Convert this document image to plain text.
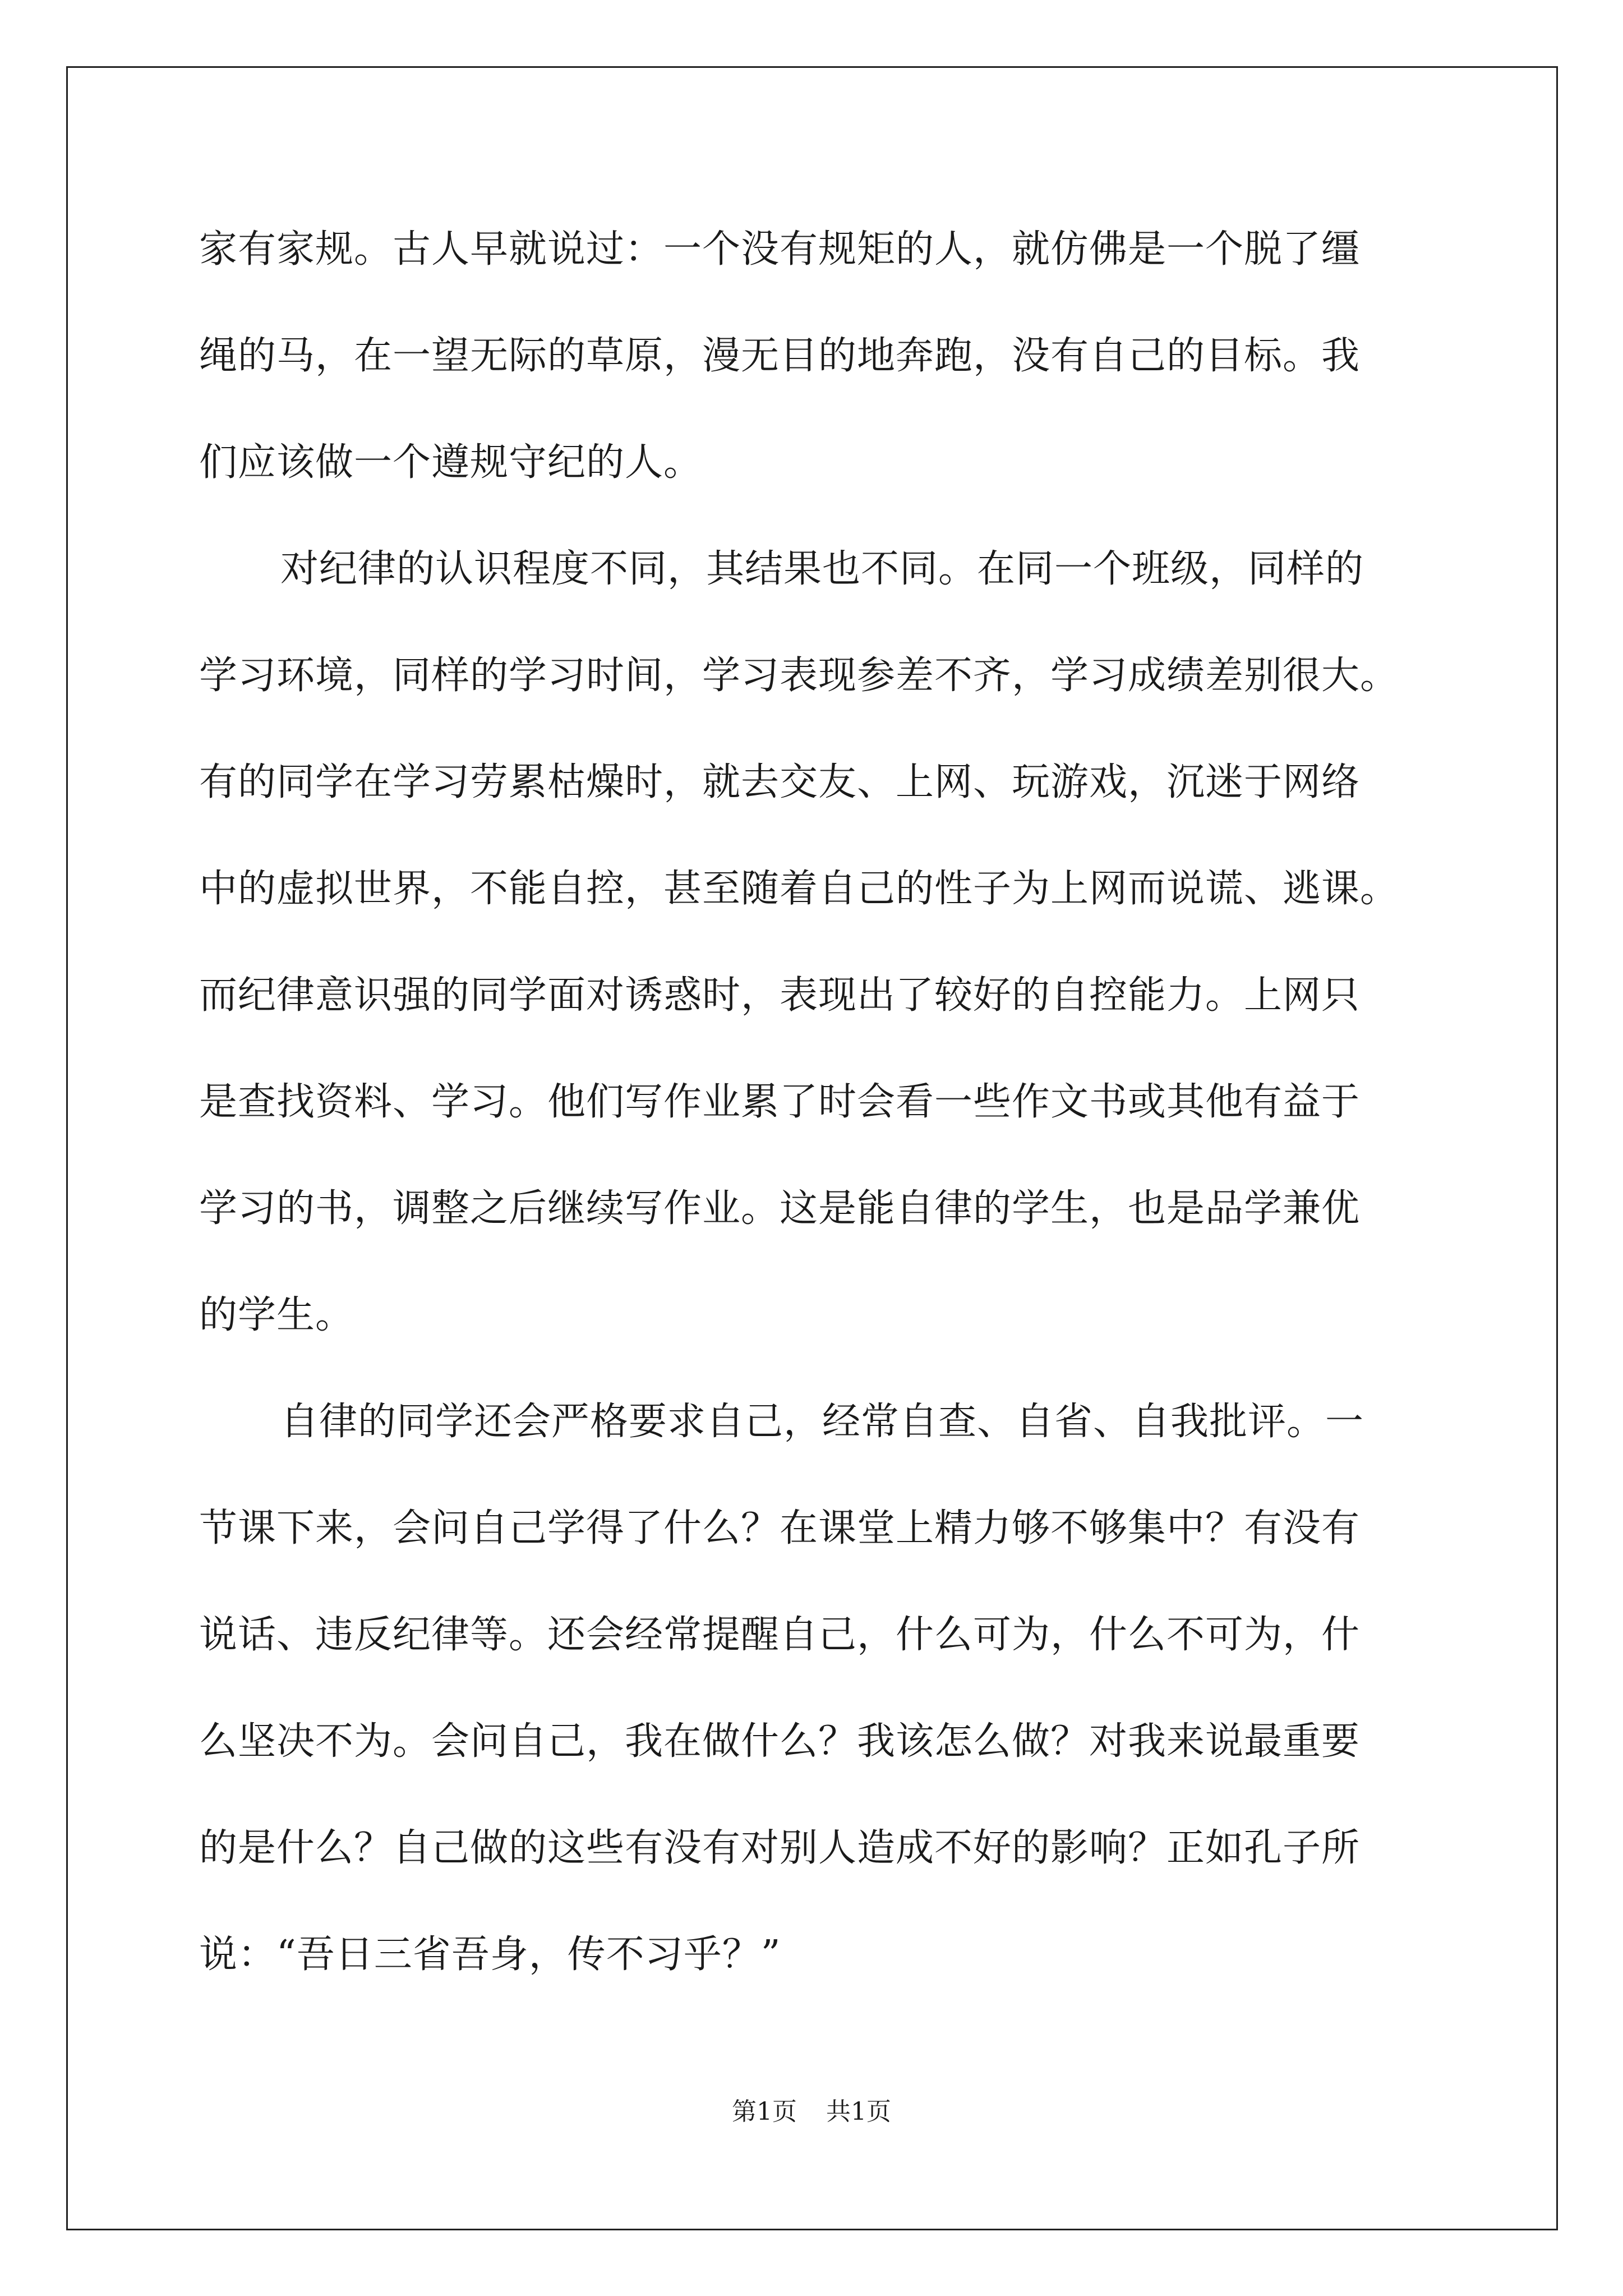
家有家规。古人早就说过：一个没有规矩的人，就仿佛是一个脱了缰
绳的马，在一望无际的草原，漫无目的地奔跑，没有自己的目标。我
们应该做一个遵规守纪的人。
对纪律的认识程度不同，其结果也不同。在同一个班级，同样的
学习环境，同样的学习时间，学习表现参差不齐，学习成绩差别很大。
有的同学在学习劳累枯燥时，就去交友、上网、玩游戏，沉迷于网络
中的虚拟世界，不能自控，甚至随着自己的性子为上网而说谎、逃课。
而纪律意识强的同学面对诱惑时，表现出了较好的自控能力。上网只
是查找资料、学习。他们写作业累了时会看一些作文书或其他有益于
学习的书，调整之后继续写作业。这是能自律的学生，也是品学兼优
的学生。
自律的同学还会严格要求自己，经常自查、自省、自我批评。一
节课下来，会问自己学得了什么？在课堂上精力够不够集中？有没有
说话、违反纪律等。还会经常提醒自己，什么可为，什么不可为，什
么坚决不为。会问自己，我在做什么？我该怎么做？对我来说最重要
的是什么？自己做的这些有没有对别人造成不好的影响？正如孔子所
说：“吾日三省吾身，传不习乎？”
第1页 共1页
